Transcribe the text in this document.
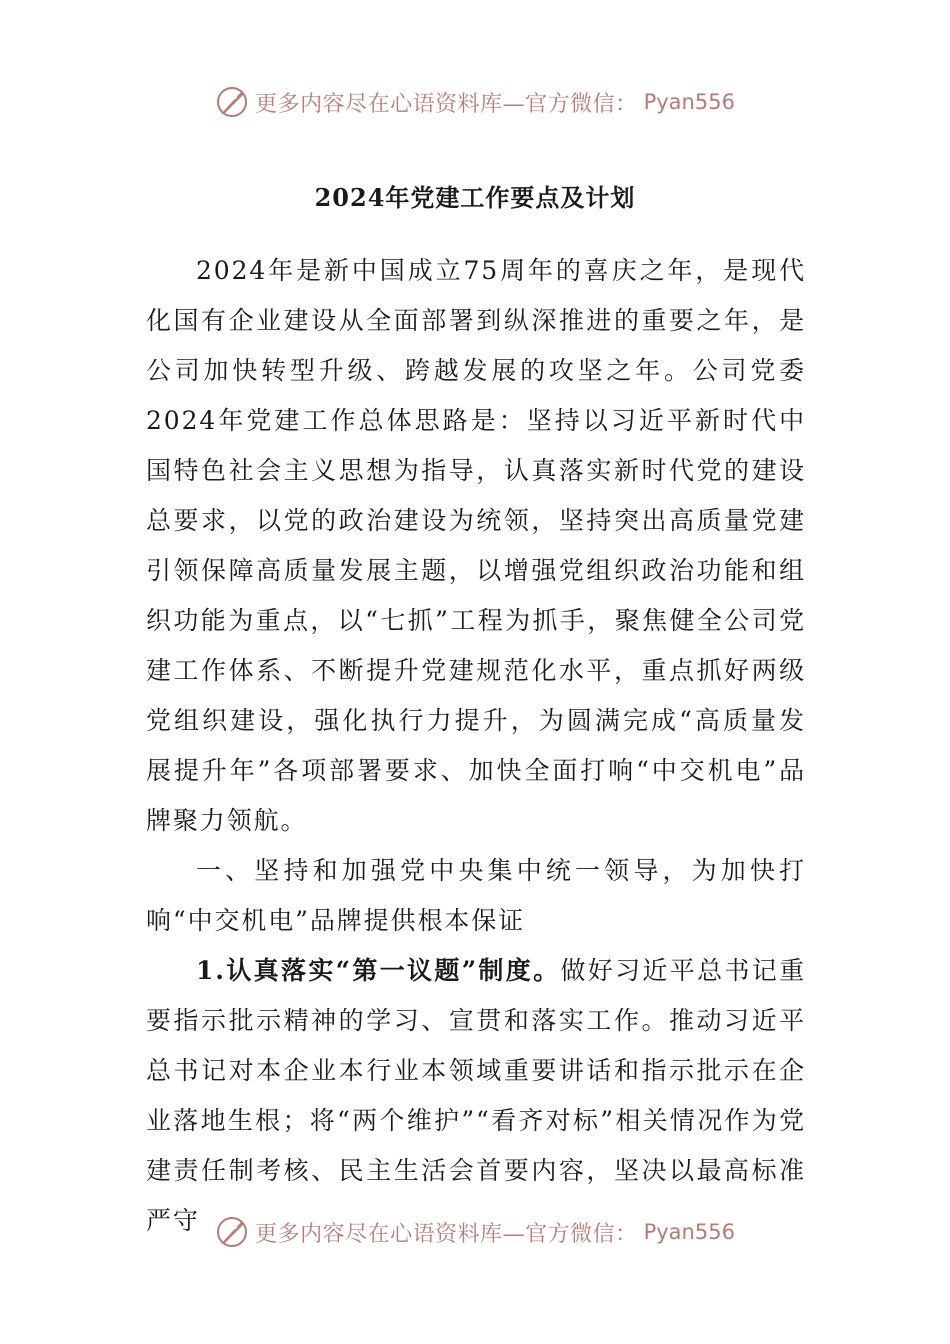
更多内容尽在心语资料库—官方微信： Pyan556
2024年党建工作要点及计划

2024年是新中国成立75周年的喜庆之年，是现代化国有企业建设从全面部署到纵深推进的重要之年，是公司加快转型升级、跨越发展的攻坚之年。公司党委2024年党建工作总体思路是：坚持以习近平新时代中国特色社会主义思想为指导，认真落实新时代党的建设总要求，以党的政治建设为统领，坚持突出高质量党建引领保障高质量发展主题，以增强党组织政治功能和组织功能为重点，以“七抓”工程为抓手，聚焦健全公司党建工作体系、不断提升党建规范化水平，重点抓好两级党组织建设，强化执行力提升，为圆满完成“高质量发展提升年”各项部署要求、加快全面打响“中交机电”品牌聚力领航。

一、坚持和加强党中央集中统一领导，为加快打响“中交机电”品牌提供根本保证

1.认真落实“第一议题”制度。做好习近平总书记重要指示批示精神的学习、宣贯和落实工作。推动习近平总书记对本企业本行业本领域重要讲话和指示批示在企业落地生根；将“两个维护”“看齐对标”相关情况作为党建责任制考核、民主生活会首要内容，坚决以最高标准严守	更多内容尽在心语资料库—官方微信： Pyan556
